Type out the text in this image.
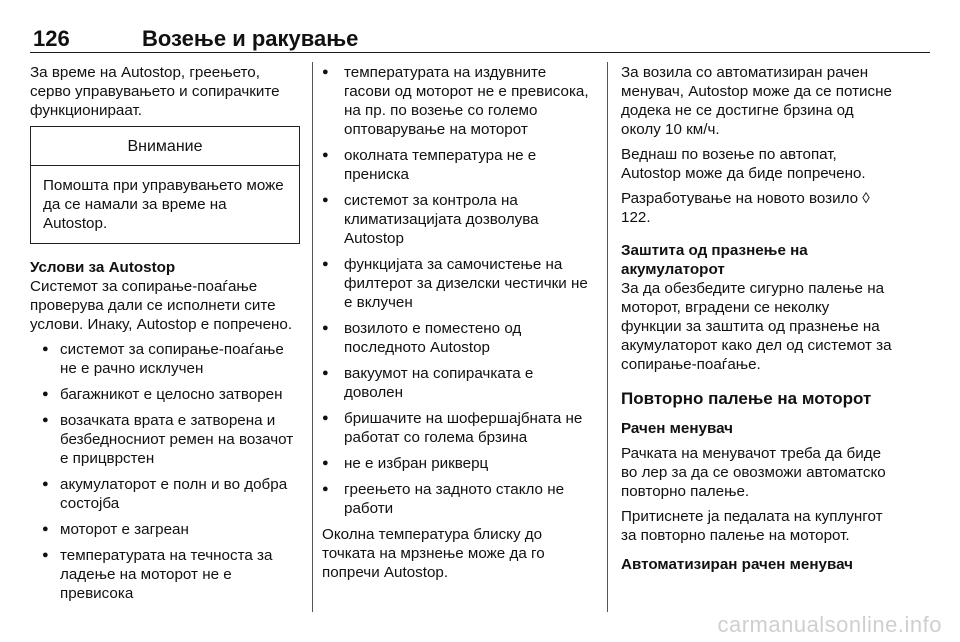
126	Возење и ракување

За време на Autostop, греењето, серво управувањето и сопирачките функционираат.

Внимание
Помошта при управувањето може да се намали за време на Autostop.
Услови за Autostop

Системот за сопирање-поаѓање проверува дали се исполнети сите услови. Инаку, Autostop е попречено.

● системот за сопирање-поаѓање не е рачно исклучен
● багажникот е целосно затворен
● возачката врата е затворена и безбедносниот ремен на возачот е прицврстен
● акумулаторот е полн и во добра состојба
● моторот е загреан
● температурата на течноста за ладење на моторот не е превисока
● температурата на издувните гасови од моторот не е превисока, на пр. по возење со големо оптоварување на моторот
● околната температура не е прениска
● системот за контрола на климатизацијата дозволува Autostop
● функцијата за самочистење на филтерот за дизелски честички не е вклучен
● возилото е поместено од последното Autostop
● вакуумот на сопирачката е доволен
● бришачите на шофершајбната не работат со голема брзина
● не е избран рикверц
● греењето на задното стакло не работи

Околна температура блиску до точката на мрзнење може да го попречи Autostop.

За возила со автоматизиран рачен менувач, Autostop може да се потисне додека не се достигне брзина од околу 10 км/ч.

Веднаш по возење по автопат, Autostop може да биде попречено.

Разработување на новото возило ◊ 122.

Заштита од празнење на акумулаторот

За да обезбедите сигурно палење на моторот, вградени се неколку функции за заштита од празнење на акумулаторот како дел од системот за сопирање-поаѓање.

Повторно палење на моторот
Рачен менувач

Рачката на менувачот треба да биде во лер за да се овозможи автоматско повторно палење.

Притиснете ја педалата на куплунгот за повторно палење на моторот.

Автоматизиран рачен менувач
carmanualsonline.info
